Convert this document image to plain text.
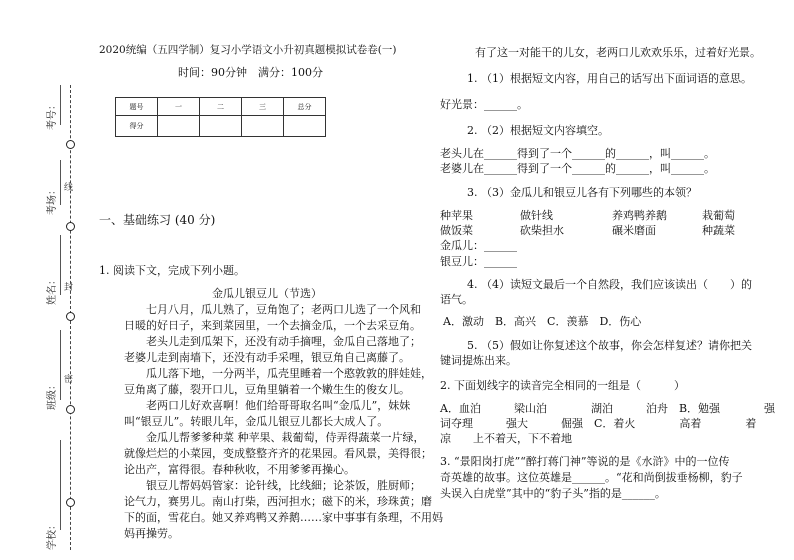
线
封
密
考号：
考场：
姓名：
班级：
学校：
2020统编（五四学制）复习小学语文小升初真题模拟试卷卷(一)
时间：90分钟　满分：100分
题号	一	二	三	总分
得分				
一、基础练习 (40 分)
1. 阅读下文，完成下列小题。
金瓜儿银豆儿（节选）
七月八月，瓜儿熟了，豆角饱了；老两口儿选了一个风和
日暖的好日子，来到菜园里，一个去摘金瓜，一个去采豆角。
老头儿走到瓜架下，还没有动手摘哩，金瓜自己落地了；
老婆儿走到南墙下，还没有动手采哩，银豆角自己离藤了。
瓜儿落下地，一分两半，瓜壳里睡着一个憨敦敦的胖娃娃，
豆角离了藤，裂开口儿，豆角里躺着一个嫩生生的俊女儿。
老两口儿好欢喜啊！他们给哥哥取名叫“金瓜儿”，妹妹
叫“银豆儿”。转眼儿年，金瓜儿银豆儿都长大成人了。
金瓜儿帮爹爹种菜 种苹果、栽葡萄，侍弄得蔬菜一片绿，
就像烂烂的小菜园，变成整整齐齐的花果园。看风景，美得很；
论出产，富得很。春种秋收，不用爹爹再操心。
银豆儿帮妈妈管家：论针线，比线細；论茶饭，胜厨师；
论气力，赛男儿。南山打柴，西河担水；磁下的米，珍珠黄；磨
下的面，雪花白。她又养鸡鸭又养鹅……家中事事有条理，不用妈
妈再操劳。
有了这一对能干的儿女，老两口儿欢欢乐乐，过着好光景。
1. （1）根据短文内容，用自己的话写出下面词语的意思。
好光景：______。
2. （2）根据短文内容填空。
老头儿在______得到了一个______的______，叫______。
老婆儿在______得到了一个______的______，叫______。
3. （3）金瓜儿和银豆儿各有下列哪些的本领？
种苹果	做针线	养鸡鸭养鹅	栽葡萄
做饭菜	砍柴担水	碾米磨面	种蔬菜
金瓜儿：______
银豆儿：______
4. （4）读短文最后一个自然段，我们应该读出（　　）的
语气。
A．激动　B．高兴　C．羡慕　D．伤心
5. （5）假如让你复述这个故事，你会怎样复述？请你把关
键词提炼出来。
2. 下面划线字的读音完全相同的一组是（　　　）
A．血泊　　　梁山泊　　　　湖泊　　　泊舟　B．勉强　　　　强
词夺理　　　强大　　　倔强　C．着火　　　　高着　　　　着
凉　　上不着天，下不着地
3. “景阳岗打虎”“醉打蒋门神”等说的是《水浒》中的一位传
奇英雄的故事。这位英雄是______。“花和尚倒拔垂杨柳，豹子
头误入白虎堂”其中的“豹子头”指的是______。
